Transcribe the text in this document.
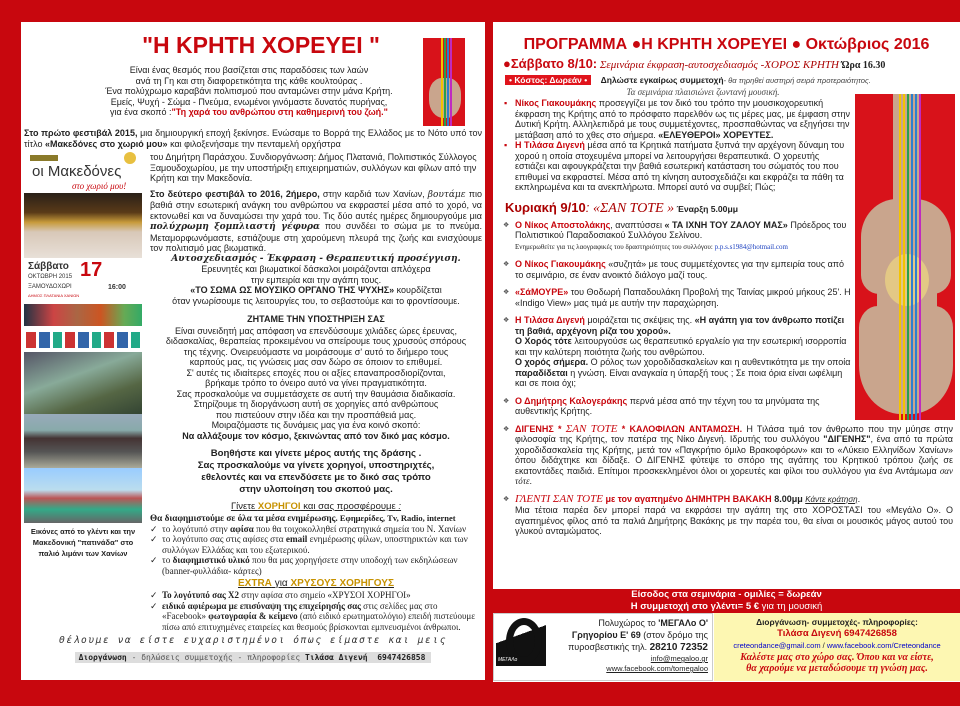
"Η ΚΡΗΤΗ ΧΟΡΕΥΕΙ "
Είναι ένας θεσμός που βασίζεται στις παραδόσεις των λαών
ανά τη Γη και στη διαφορετικότητα της κάθε κουλτούρας .
Ένα πολύχρωμο καραβάνι πολιτισμού που ανταμώνει στην μάνα Κρήτη.
Εμείς, Ψυχή - Σώμα - Πνεύμα, ενωμένοι γινόμαστε δυνατός πυρήνας,
για ένα σκοπό :"Τη χαρά του ανθρώπου στη καθημερινή του ζωή."
Στο πρώτο φεστιβάλ 2015, μια δημιουργική εποχή ξεκίνησε. Ενώσαμε το Βορρά της Ελλάδος με το Νότο υπό τον τίτλο «Μακεδόνες στο χωριό μου» και φιλοξενήσαμε την πενταμελή ορχήστρα
οι Μακεδόνες
στο χωριό μου!
Σάββατο
ΟΚΤΩΒΡΗ 2015 17
16:00
ΞΑΜΟΥΔΟΧΩΡΙ
ΔΗΜΟΣ ΠΛΑΤΑΝΙΑ ΧΑΝΙΩΝ
Εικόνες από το γλέντι και την Μακεδονική "πατινάδα" στο παλιό λιμάνι των Χανίων
του Δημήτρη Παράσχου. Συνδιοργάνωση: Δήμος Πλατανιά, Πολιτιστικός Σύλλογος Ξαμουδοχωρίου, με την υποστήριξη επιχειρηματιών, συλλόγων και φίλων από την Κρήτη και την Μακεδονία.
Στο δεύτερο φεστιβάλ το 2016, 2ήμερο, στην καρδιά των Χανίων, βουτάμε πιο βαθιά στην εσωτερική ανάγκη του ανθρώπου να εκφραστεί μέσα από το χορό, να εκτονωθεί και να δυναμώσει την χαρά του. Τις δύο αυτές ημέρες δημιουργούμε μια πολύχρωμη ξομπλιαστή γέφυρα που συνδέει το σώμα με το πνεύμα. Μεταμορφωνόμαστε, εστιάζουμε στη χαρούμενη πλευρά της ζωής και ενισχύουμε τον πολιτισμό μας βιωματικά.
Αυτοσχεδιασμός - Έκφραση - Θεραπευτική προσέγγιση.
Ερευνητές και βιωματικοί δάσκαλοι μοιράζονται απλόχερα
την εμπειρία και την αγάπη τους.
«ΤΟ ΣΩΜΑ ΩΣ ΜΟΥΣΙΚΟ ΟΡΓΑΝΟ ΤΗΣ ΨΥΧΗΣ» κουρδίζεται
όταν γνωρίσουμε τις λειτουργίες του, το σεβαστούμε και το φροντίσουμε.
ΖΗΤΑΜΕ ΤΗΝ ΥΠΟΣΤΗΡΙΞΗ ΣΑΣ
Είναι συνειδητή μας απόφαση να επενδύσουμε χιλιάδες ώρες έρευνας,
διδασκαλίας, θεραπείας προκειμένου να σπείρουμε τους χρυσούς σπόρους
της τέχνης. Ονειρευόμαστε να μοιράσουμε σ' αυτό το διήμερο τους
καρπούς μας, τις γνώσεις μας σαν δώρο σε όποιον το επιθυμεί.
Σ' αυτές τις ιδιαίτερες εποχές που οι αξίες επαναπροσδιορίζονται,
βρήκαμε τρόπο το όνειρο αυτό να γίνει πραγματικότητα.
Σας προσκαλούμε να συμμετάσχετε σε αυτή την θαυμάσια διαδικασία.
Στηρίζουμε τη διοργάνωση αυτή σε χορηγίες από ανθρώπους
που πιστεύουν στην ιδέα και την προσπάθειά μας.
Μοιραζόμαστε τις δυνάμεις μας για ένα κοινό σκοπό:
Να αλλάξουμε τον κόσμο, ξεκινώντας από τον δικό μας κόσμο.
Βοηθήστε και γίνετε μέρος αυτής της δράσης .
Σας προσκαλούμε να γίνετε χορηγοί, υποστηριχτές,
εθελοντές και να επενδύσετε με το δικό σας τρόπο
στην υλοποίηση του σκοπού μας.
Γίνετε ΧΟΡΗΓΟΙ και σας προσφέρουμε :
Θα διαφημιστούμε σε όλα τα μέσα ενημέρωσης. Εφημερίδες, Tv, Radio, internet
✓ το λογότυπό στην αφίσα που θα τοιχοκολληθεί στρατηγικά σημεία του Ν. Χανίων
✓ το λογότυπο σας στις αφίσες στα email ενημέρωσης φίλων, υποστηρικτών και των συλλόγων Ελλάδας και του εξωτερικού.
✓ το διαφημιστικό υλικό που θα μας χορηγήσετε στην υποδοχή των εκδηλώσεων (banner-φυλλάδια- κάρτες)
EXTRA για ΧΡΥΣΟΥΣ ΧΟΡΗΓΟΥΣ
✓ Το λογότυπό σας Χ2 στην αφίσα στο σημείο «ΧΡΥΣΟΙ ΧΟΡΗΓΟΙ»
✓ ειδικό αφιέρωμα με επισύναψη της επιχείρησής σας στις σελίδες μας στο «Facebook» φωτογραφία & κείμενο (από ειδικό ερωτηματολόγιο) επειδή πιστεύουμε πίσω από επιτυχημένες εταιρείες και θεσμούς βρίσκονται εμπνευσμένοι άνθρωποι.
Θέλουμε να είστε ευχαριστημένοι όπως είμαστε και μεις
Διοργάνωση - δηλώσεις συμμετοχής - πληροφορίες Τιλάσα Διγενή 6947426858
ΠΡΟΓΡΑΜΜΑ ●Η ΚΡΗΤΗ ΧΟΡΕΥΕΙ ● Οκτώβριος 2016
●Σάββατο 8/10: Σεμινάρια έκφραση-αυτοσχεδιασμός -ΧΟΡΟΣ ΚΡΗΤΗ Ώρα 16.30
• Κόστος: Δωρεάν • Δηλώστε εγκαίρως συμμετοχή- θα τηρηθεί αυστηρή σειρά προτεραιότητος.
Τα σεμινάρια πλαισιώνει ζωντανή μουσική.
▪ Νίκος Γιακουμάκης προσεγγίζει με τον δικό του τρόπο την μουσικοχορευτική έκφραση της Κρήτης από το πρόσφατο παρελθόν ως τις μέρες μας, με έμφαση στην Δυτική Κρήτη. Αλληλεπιδρά με τους συμμετέχοντες, προσπαθώντας να εξηγήσει την μετάβαση από το χθες στο σήμερα. «ΕΛΕΥΘΕΡΟΙ» ΧΟΡΕΥΤΕΣ.
▪ Η Τιλάσα Διγενή μέσα από τα Κρητικά πατήματα ξυπνά την αρχέγονη δύναμη του χορού η οποία στοχευμένα μπορεί να λειτουργήσει θεραπευτικά. Ο χορευτής εστιάζει και αφουγκράζεται την βαθιά εσωτερική κατάσταση του σώματός του που επιθυμεί να εκφραστεί. Μέσα από τη κίνηση αυτοσχεδιάζει και εκφράζει τα πάθη τα εκπληρωμένα και τα ανεκπλήρωτα. Μπορεί αυτό να συμβεί; Πώς;
Κυριακή 9/10: «ΣΑΝ ΤΟΤΕ » Έναρξη 5.00μμ
❖ Ο Νίκος Αποστολάκης, αναπτύσσει « ΤΑ ΙΧΝΗ ΤΟΥ ΖΑΛΟΥ ΜΑΣ» Πρόεδρος του Πολιτιστικού Παραδοσιακού Συλλόγου Σελίνου.
Ενημερωθείτε για τις λαογραφικές του δραστηριότητες του συλλόγου: p.p.s.s1984@hotmail.com
❖ Ο Νίκος Γιακουμάκης «συζητά» με τους συμμετέχοντες για την εμπειρία τους από το σεμινάριο, σε έναν ανοικτό διάλογο μαζί τους.
❖ «ΣάΜΟΥΡΕ» του Θοδωρή Παπαδουλάκη Προβολή της Ταινίας μικρού μήκους 25'. Η «Indigo View» μας τιμά με αυτήν την παραχώρηση.
❖ Η Τιλάσα Διγενή μοιράζεται τις σκέψεις της. «Η αγάπη για τον άνθρωπο ποτίζει τη βαθιά, αρχέγονη ρίζα του χορού».
Ο Χορός τότε λειτουργούσε ως θεραπευτικό εργαλείο για την εσωτερική ισορροπία και την καλύτερη ποιότητα ζωής του ανθρώπου.
Ο χορός σήμερα. Ο ρόλος των χοροδιδασκαλείων και η αυθεντικότητα με την οποία παραδίδεται η γνώση. Είναι αναγκαία η ύπαρξή τους ; Σε ποια όρια είναι ωφέλιμη και σε ποια όχι;
❖ Ο Δημήτρης Καλογεράκης περνά μέσα από την τέχνη του τα μηνύματα της αυθεντικής Κρήτης.
❖ ΔΙΓΕΝΗΣ * ΣΑΝ ΤΟΤΕ * ΚΑΛΟΦΙΛΩΝ ΑΝΤΑΜΩΣΗ. Η Τιλάσα τιμά τον άνθρωπο που την μύησε στην φιλοσοφία της Κρήτης, τον πατέρα της Νίκο Διγενή. Ιδρυτής του συλλόγου "ΔΙΓΕΝΗΣ", ένα από τα πρώτα χοροδιδασκαλεία της Κρήτης, μετά τον «Παγκρήτιο όμιλο Βρακοφόρων» και το «Λύκειο Ελληνίδων Χανίων» όπου διδάχτηκε και δίδαξε. Ο ΔΙΓΕΝΗΣ φύτεψε το σπόρο της αγάπης του Κρητικού τρόπου ζωής σε εκατοντάδες παιδιά. Επίτιμοι προσκεκλημένοι όλοι οι χορευτές και φίλοι του συλλόγου για ένα Αντάμωμα σαν τότε.
❖ ΓΛΕΝΤΙ ΣΑΝ ΤΟΤΕ με τον αγαπημένο ΔΗΜΗΤΡΗ ΒΑΚΑΚΗ 8.00μμ Κάντε κράτηση.
Μια τέτοια παρέα δεν μπορεί παρά να εκφράσει την αγάπη της στο ΧΟΡΟΣΤΑΣΙ του «Μεγάλο Ο». Ο αγαπημένος φίλος από τα παλιά Δημήτρης Βακάκης με την παρέα του, θα είναι οι μουσικός μάγος αυτού του γλυκού ανταμώματος.
Είσοδος στα σεμινάρια - ομιλίες = δωρεάν
Η συμμετοχή στο γλέντι= 5 € για τη μουσική
ΜΕΓΑΛο
Πολυχώρος το 'ΜΕΓΑΛο Ο'
Γρηγορίου Ε' 69 (στον δρόμο της
πυροσβεστικής τηλ. 28210 72352
info@megaloo.gr
www.facebook.com/tomegaloo
Διοργάνωση- συμμετοχές- πληροφορίες:
Τιλάσα Διγενή 6947426858
creteondance@gmail.com / www.facebook.com/Creteondance
Καλέστε μας στο χώρο σας. Όπου και να είστε,
θα χαρούμε να μεταδώσουμε τη γνώση μας.
